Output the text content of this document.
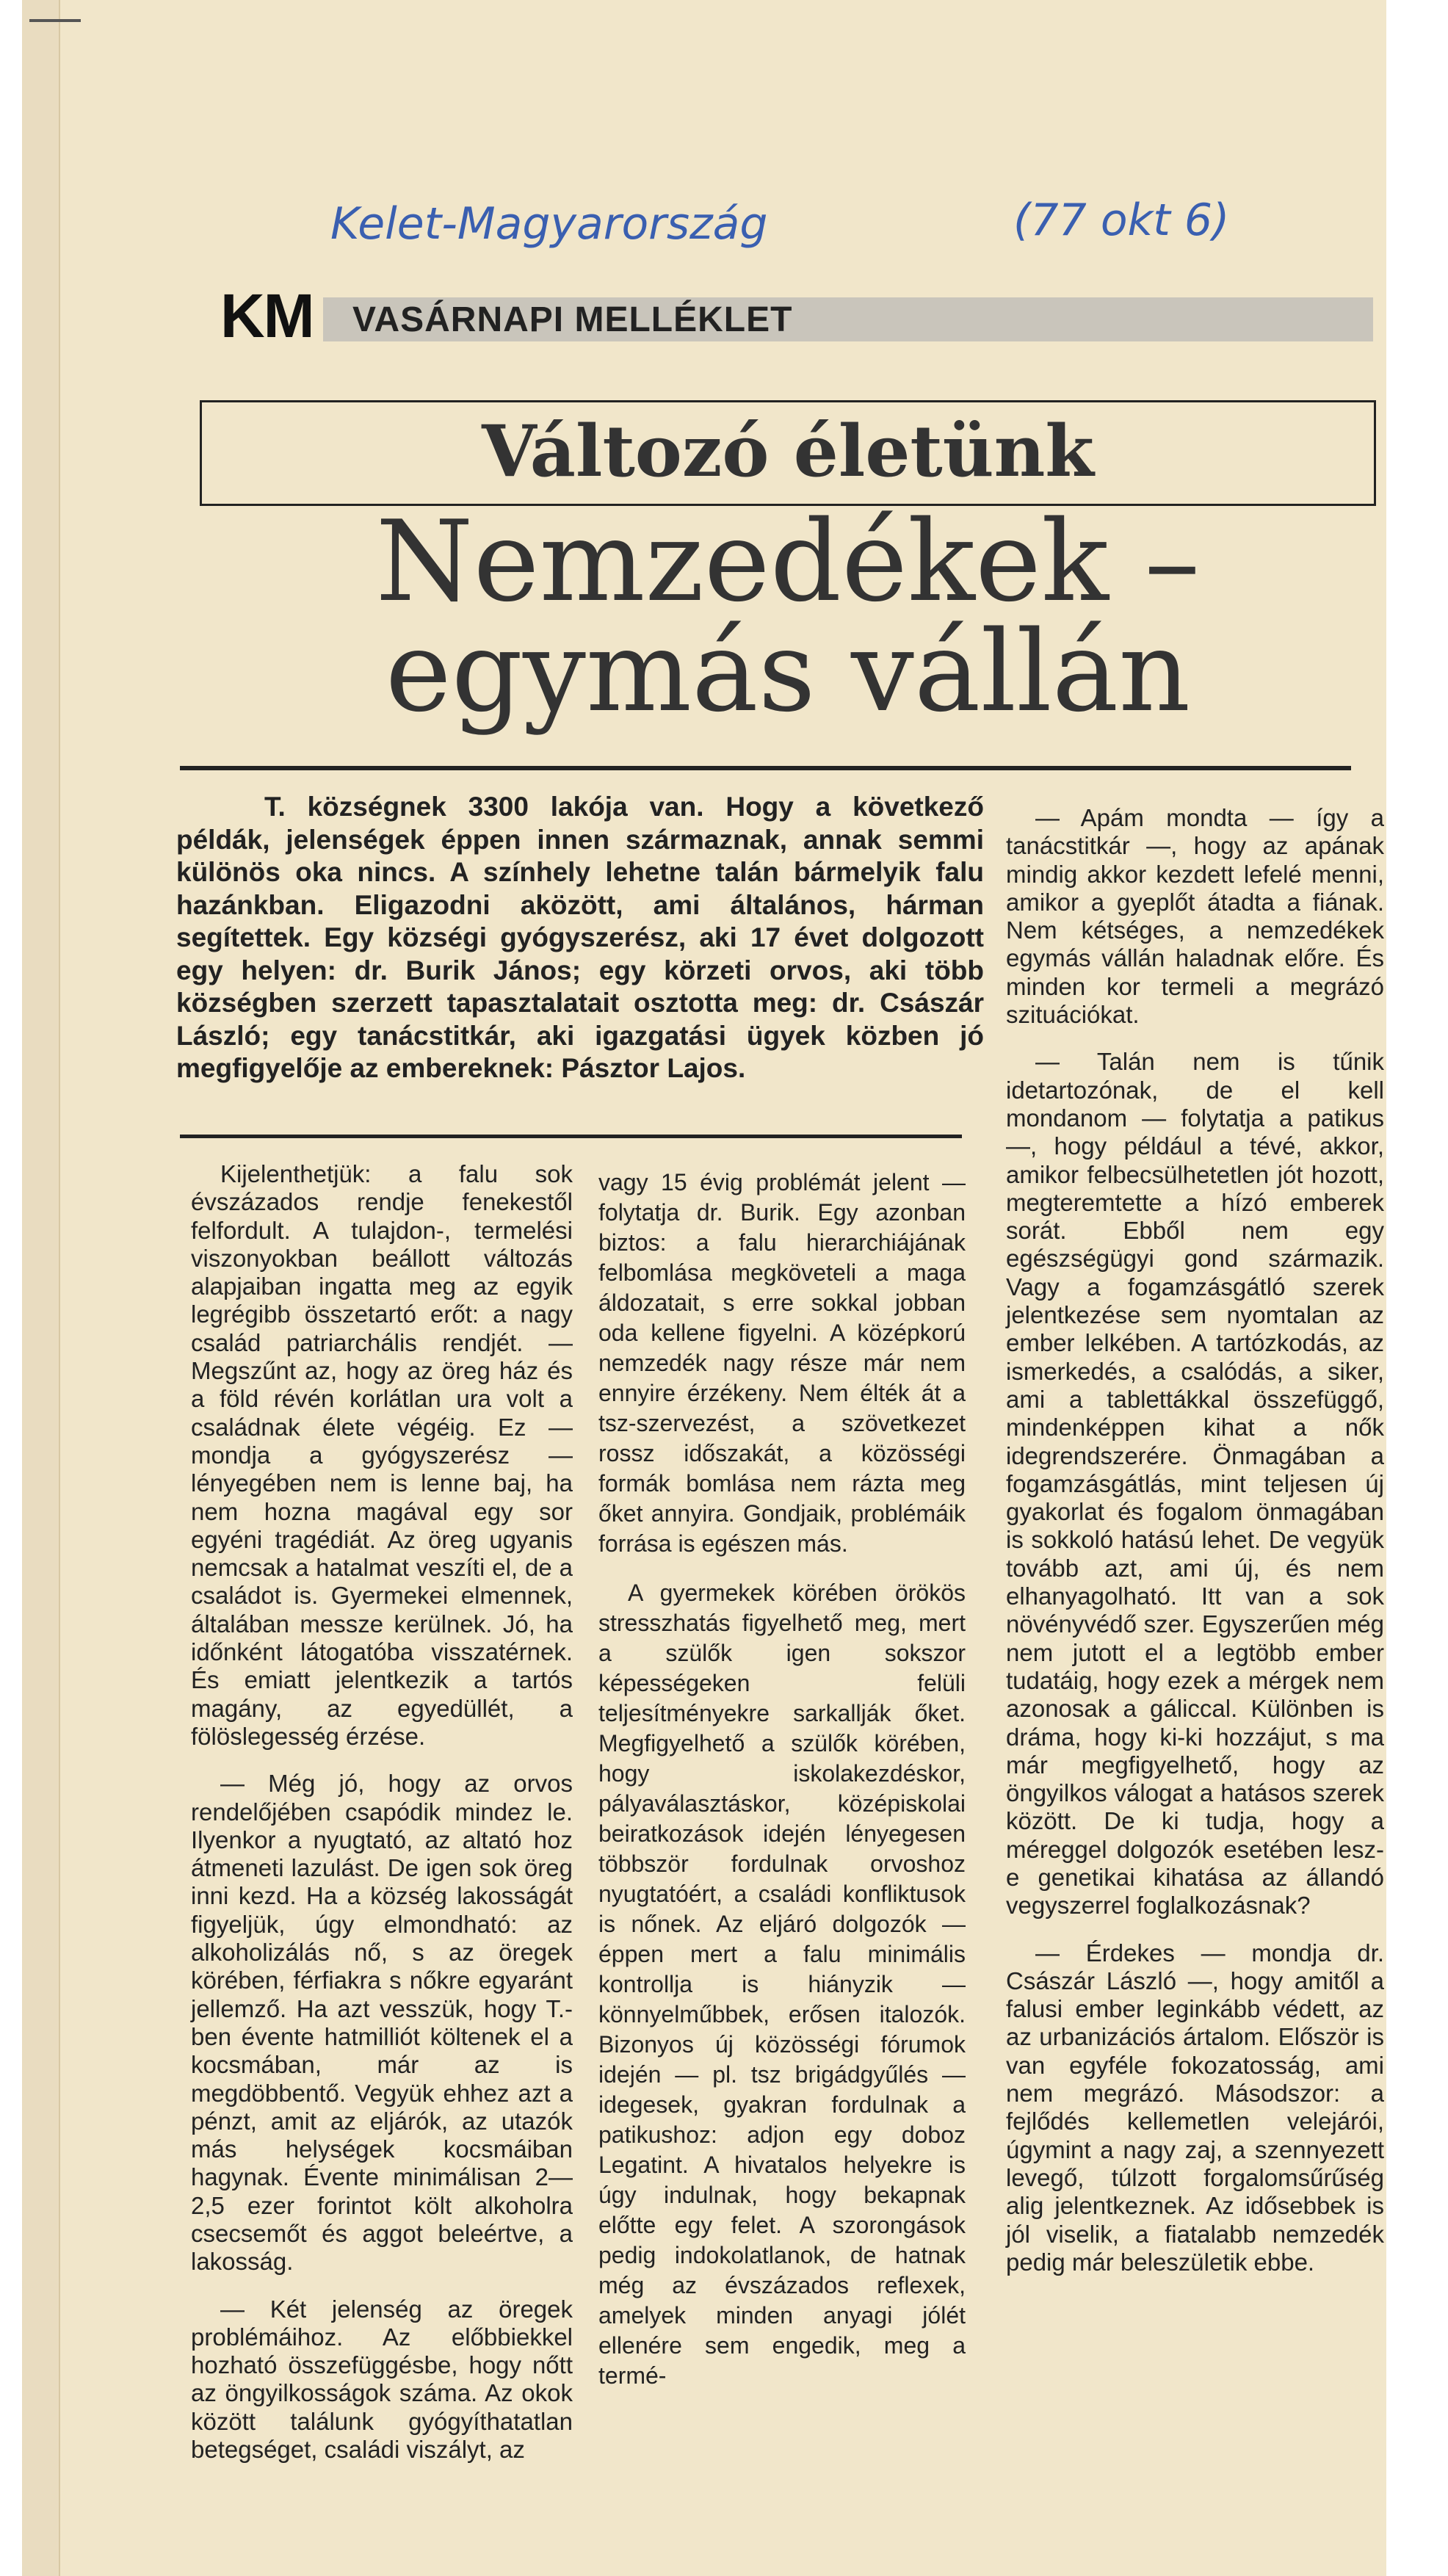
Kelet-Magyarország	(77 okt 6)
KM VASÁRNAPI MELLÉKLET
Változó életünk
Nemzedékek – egymás vállán

T. községnek 3300 lakója van. Hogy a következő példák, jelenségek éppen innen származnak, annak semmi különös oka nincs. A színhely lehetne talán bármelyik falu hazánkban. Eligazodni aközött, ami általános, hárman segítettek. Egy községi gyógyszerész, aki 17 évet dolgozott egy helyen: dr. Burik János; egy körzeti orvos, aki több községben szerzett tapasztalatait osztotta meg: dr. Császár László; egy tanácstitkár, aki igazgatási ügyek közben jó megfigyelője az embereknek: Pásztor Lajos.

Kijelenthetjük: a falu sok évszázados rendje fenekestől felfordult. A tulajdon-, termelési viszonyokban beállott változás alapjaiban ingatta meg az egyik legrégibb összetartó erőt: a nagy család patriarchális rendjét. — Megszűnt az, hogy az öreg ház és a föld révén korlátlan ura volt a családnak élete végéig. Ez — mondja a gyógyszerész — lényegében nem is lenne baj, ha nem hozna magával egy sor egyéni tragédiát. Az öreg ugyanis nemcsak a hatalmat veszíti el, de a családot is. Gyermekei elmennek, általában messze kerülnek. Jó, ha időnként látogatóba visszatérnek. És emiatt jelentkezik a tartós magány, az egyedüllét, a fölöslegesség érzése.

— Még jó, hogy az orvos rendelőjében csapódik mindez le. Ilyenkor a nyugtató, az altató hoz átmeneti lazulást. De igen sok öreg inni kezd. Ha a község lakosságát figyeljük, úgy elmondható: az alkoholizálás nő, s az öregek körében, férfiakra s nőkre egyaránt jellemző. Ha azt vesszük, hogy T.-ben évente hatmilliót költenek el a kocsmában, már az is megdöbbentő. Vegyük ehhez azt a pénzt, amit az eljárók, az utazók más helységek kocsmáiban hagynak. Évente minimálisan 2—2,5 ezer forintot költ alkoholra csecsemőt és aggot beleértve, a lakosság.

— Két jelenség az öregek problémáihoz. Az előbbiekkel hozható összefüggésbe, hogy nőtt az öngyilkosságok száma. Az okok között találunk gyógyíthatatlan betegséget, családi viszályt, az

vagy 15 évig problémát jelent — folytatja dr. Burik. Egy azonban biztos: a falu hierarchiájának felbomlása megköveteli a maga áldozatait, s erre sokkal jobban oda kellene figyelni. A középkorú nemzedék nagy része már nem ennyire érzékeny. Nem élték át a tsz-szervezést, a szövetkezet rossz időszakát, a közösségi formák bomlása nem rázta meg őket annyira. Gondjaik, problémáik forrása is egészen más.

A gyermekek körében örökös stresszhatás figyelhető meg, mert a szülők igen sokszor képességeken felüli teljesítményekre sarkallják őket. Megfigyelhető a szülők körében, hogy iskolakezdéskor, pályaválasztáskor, középiskolai beiratkozások idején lényegesen többször fordulnak orvoshoz nyugtatóért, a családi konfliktusok is nőnek. Az eljáró dolgozók — éppen mert a falu minimális kontrollja is hiányzik — könnyelműbbek, erősen italozók. Bizonyos új közösségi fórumok idején — pl. tsz brigádgyűlés — idegesek, gyakran fordulnak a patikushoz: adjon egy doboz Legatint. A hivatalos helyekre is úgy indulnak, hogy bekapnak előtte egy felet. A szorongások pedig indokolatlanok, de hatnak még az évszázados reflexek, amelyek minden anyagi jólét ellenére sem engedik, meg a termé-

— Apám mondta — így a tanácstitkár —, hogy az apának mindig akkor kezdett lefelé menni, amikor a gyeplőt átadta a fiának. Nem kétséges, a nemzedékek egymás vállán haladnak előre. És minden kor termeli a megrázó szituációkat.

— Talán nem is tűnik idetartozónak, de el kell mondanom — folytatja a patikus —, hogy például a tévé, akkor, amikor felbecsülhetetlen jót hozott, megteremtette a hízó emberek sorát. Ebből nem egy egészségügyi gond származik. Vagy a fogamzásgátló szerek jelentkezése sem nyomtalan az ember lelkében. A tartózkodás, az ismerkedés, a csalódás, a siker, ami a tablettákkal összefüggő, mindenképpen kihat a nők idegrendszerére. Önmagában a fogamzásgátlás, mint teljesen új gyakorlat és fogalom önmagában is sokkoló hatású lehet. De vegyük tovább azt, ami új, és nem elhanyagolható. Itt van a sok növényvédő szer. Egyszerűen még nem jutott el a legtöbb ember tudatáig, hogy ezek a mérgek nem azonosak a gáliccal. Különben is dráma, hogy ki-ki hozzájut, s ma már megfigyelhető, hogy az öngyilkos válogat a hatásos szerek között. De ki tudja, hogy a méreggel dolgozók esetében lesz-e genetikai kihatása az állandó vegyszerrel foglalkozásnak?

— Érdekes — mondja dr. Császár László —, hogy amitől a falusi ember leginkább védett, az az urbanizációs ártalom. Először is van egyféle fokozatosság, ami nem megrázó. Másodszor: a fejlődés kellemetlen velejárói, úgymint a nagy zaj, a szennyezett levegő, túlzott forgalomsűrűség alig jelentkeznek. Az idősebbek is jól viselik, a fiatalabb nemzedék pedig már beleszületik ebbe.
